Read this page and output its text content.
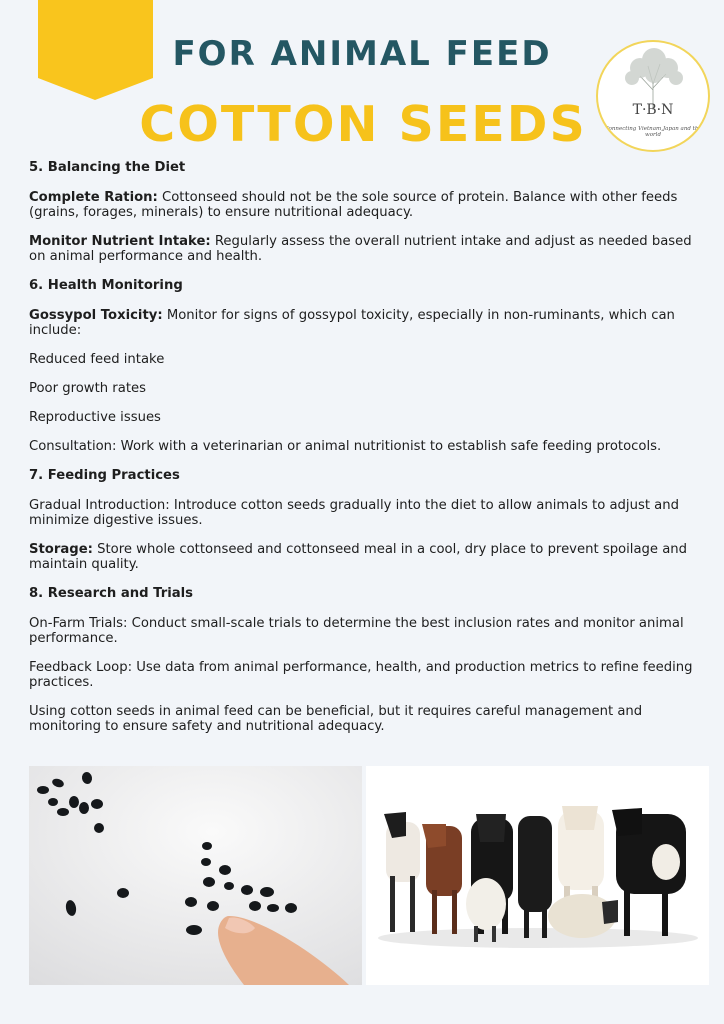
FOR ANIMAL FEED
COTTON SEEDS	T·B·N
Connecting Vietnam,Japan and the world
5. Balancing the Diet
Complete Ration: Cottonseed should not be the sole source of protein. Balance with other feeds (grains, forages, minerals) to ensure nutritional adequacy.
Monitor Nutrient Intake: Regularly assess the overall nutrient intake and adjust as needed based on animal performance and health.
6. Health Monitoring
Gossypol Toxicity: Monitor for signs of gossypol toxicity, especially in non-ruminants, which can include:
Reduced feed intake
Poor growth rates
Reproductive issues
Consultation: Work with a veterinarian or animal nutritionist to establish safe feeding protocols.
7. Feeding Practices
Gradual Introduction: Introduce cotton seeds gradually into the diet to allow animals to adjust and minimize digestive issues.
Storage: Store whole cottonseed and cottonseed meal in a cool, dry place to prevent spoilage and maintain quality.
8. Research and Trials
On-Farm Trials: Conduct small-scale trials to determine the best inclusion rates and monitor animal performance.
Feedback Loop: Use data from animal performance, health, and production metrics to refine feeding practices.
Using cotton seeds in animal feed can be beneficial, but it requires careful management and monitoring to ensure safety and nutritional adequacy.
